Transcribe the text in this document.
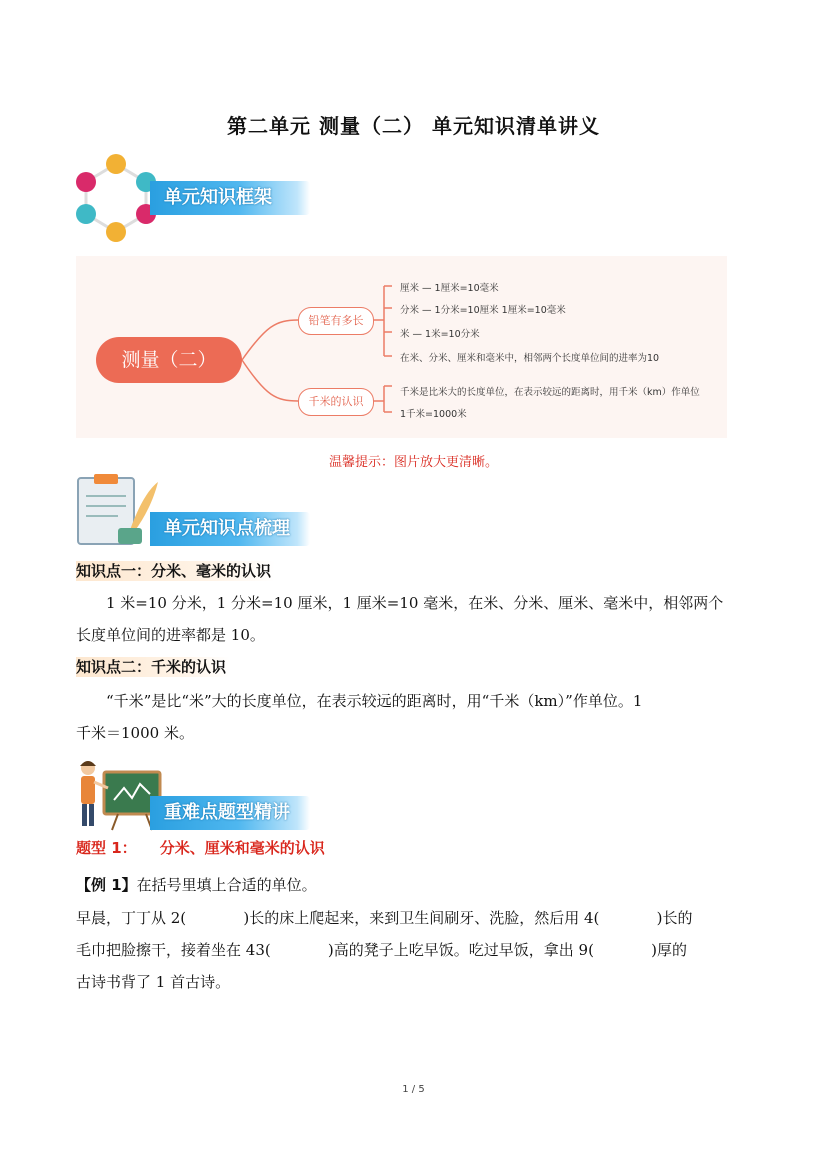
第二单元 测量（二） 单元知识清单讲义
单元知识框架
测量（二）
铅笔有多长
千米的认识
厘米 — 1厘米=10毫米
分米 — 1分米=10厘米 1厘米=10毫米
米 — 1米=10分米
在米、分米、厘米和毫米中，相邻两个长度单位间的进率为10
千米是比米大的长度单位，在表示较远的距离时，用千米（km）作单位
1千米=1000米
温馨提示：图片放大更清晰。
单元知识点梳理
知识点一：分米、毫米的认识
1 米=10 分米，1 分米=10 厘米，1 厘米=10 毫米，在米、分米、厘米、毫米中，相邻两个
长度单位间的进率都是 10。
知识点二：千米的认识
“千米”是比“米”大的长度单位，在表示较远的距离时，用“千米（km）”作单位。1
千米＝1000 米。
重难点题型精讲
题型 1： 分米、厘米和毫米的认识
【例 1】在括号里填上合适的单位。
早晨，丁丁从 2(            )长的床上爬起来，来到卫生间刷牙、洗脸，然后用 4(            )长的
毛巾把脸擦干，接着坐在 43(            )高的凳子上吃早饭。吃过早饭，拿出 9(            )厚的
古诗书背了 1 首古诗。
1 / 5
